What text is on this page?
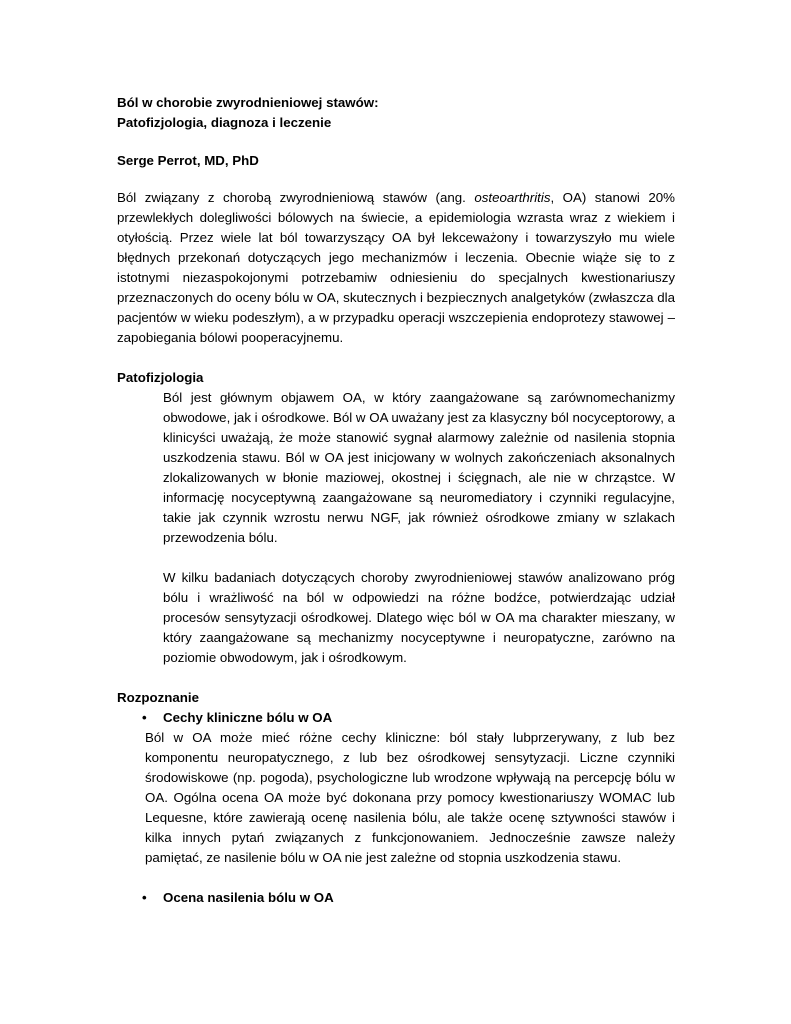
Ból w chorobie zwyrodnieniowej stawów:
Patofizjologia, diagnoza i leczenie

Serge Perrot, MD, PhD

Ból związany z chorobą zwyrodnieniową stawów (ang. osteoarthritis, OA) stanowi 20% przewlekłych dolegliwości bólowych na świecie, a epidemiologia wzrasta wraz z wiekiem i otyłością. Przez wiele lat ból towarzyszący OA był lekceważony i towarzyszyło mu wiele błędnych przekonań dotyczących jego mechanizmów i leczenia. Obecnie wiąże się to z istotnymi niezaspokojonymi potrzebamiw odniesieniu do specjalnych kwestionariuszy przeznaczonych do oceny bólu w OA, skutecznych i bezpiecznych analgetyków (zwłaszcza dla pacjentów w wieku podeszłym), a w przypadku operacji wszczepienia endoprotezy stawowej – zapobiegania bólowi pooperacyjnemu.

Patofizjologia

Ból jest głównym objawem OA, w który zaangażowane są zarównomechanizmy obwodowe, jak i ośrodkowe. Ból w OA uważany jest za klasyczny ból nocyceptorowy, a klinicyści uważają, że może stanowić sygnał alarmowy zależnie od nasilenia stopnia uszkodzenia stawu. Ból w OA jest inicjowany w wolnych zakończeniach aksonalnych zlokalizowanych w błonie maziowej, okostnej i ścięgnach, ale nie w chrząstce. W informację nocyceptywną zaangażowane są neuromediatory i czynniki regulacyjne, takie jak czynnik wzrostu nerwu NGF, jak również ośrodkowe zmiany w szlakach przewodzenia bólu.

W kilku badaniach dotyczących choroby zwyrodnieniowej stawów analizowano próg bólu i wrażliwość na ból w odpowiedzi na różne bodźce, potwierdzając udział procesów sensytyzacji ośrodkowej. Dlatego więc ból w OA ma charakter mieszany, w który zaangażowane są mechanizmy nocyceptywne i neuropatyczne, zarówno na poziomie obwodowym, jak i ośrodkowym.

Rozpoznanie

• Cechy kliniczne bólu w OA

Ból w OA może mieć różne cechy kliniczne: ból stały lubprzerywany, z lub bez komponentu neuropatycznego, z lub bez ośrodkowej sensytyzacji. Liczne czynniki środowiskowe (np. pogoda), psychologiczne lub wrodzone wpływają na percepcję bólu w OA. Ogólna ocena OA może być dokonana przy pomocy kwestionariuszy WOMAC lub Lequesne, które zawierają ocenę nasilenia bólu, ale także ocenę sztywności stawów i kilka innych pytań związanych z funkcjonowaniem. Jednocześnie zawsze należy pamiętać, ze nasilenie bólu w OA nie jest zależne od stopnia uszkodzenia stawu.

• Ocena nasilenia bólu w OA
